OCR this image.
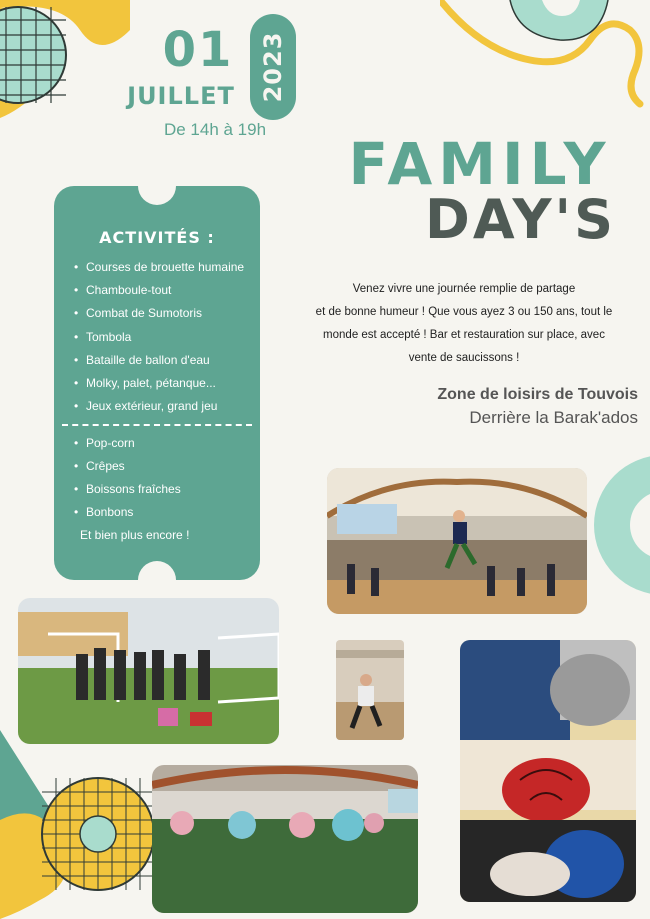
01
JUILLET 2023
De 14h à 19h
FAMILY
DAY'S
ACTIVITÉS :
• Courses de brouette humaine
• Chamboule-tout
• Combat de Sumotoris
• Tombola
• Bataille de ballon d'eau
• Molky, palet, pétanque...
• Jeux extérieur, grand jeu
• Pop-corn
• Crêpes
• Boissons fraîches
• Bonbons
Et bien plus encore !
Venez vivre une journée remplie de partage
et de bonne humeur ! Que vous ayez 3 ou 150 ans, tout le
monde est accepté ! Bar et restauration sur place, avec
vente de saucissons !
Zone de loisirs de Touvois
Derrière la Barak'ados
